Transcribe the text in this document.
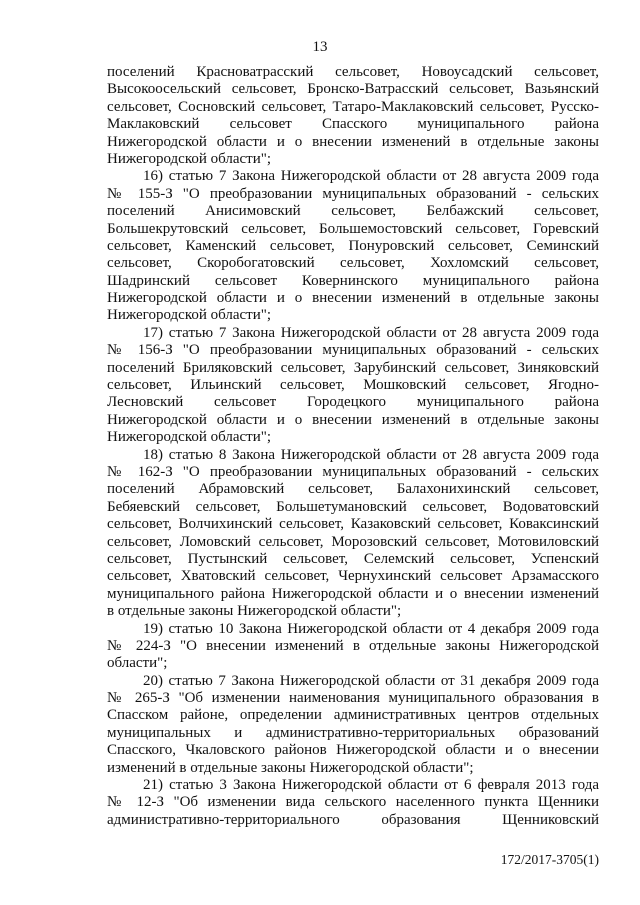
13
поселений Красноватрасский сельсовет, Новоусадский сельсовет,
Высокоосельский сельсовет, Бронско-Ватрасский сельсовет, Вазьянский
сельсовет, Сосновский сельсовет, Татаро-Маклаковский сельсовет, Русско-
Маклаковский сельсовет Спасского муниципального района
Нижегородской области и о внесении изменений в отдельные законы
Нижегородской области";
16) статью 7 Закона Нижегородской области от 28 августа 2009 года
№ 155-З "О преобразовании муниципальных образований - сельских
поселений Анисимовский сельсовет, Белбажский сельсовет,
Большекрутовский сельсовет, Большемостовский сельсовет, Горевский
сельсовет, Каменский сельсовет, Понуровский сельсовет, Семинский
сельсовет, Скоробогатовский сельсовет, Хохломский сельсовет,
Шадринский сельсовет Ковернинского муниципального района
Нижегородской области и о внесении изменений в отдельные законы
Нижегородской области";
17) статью 7 Закона Нижегородской области от 28 августа 2009 года
№ 156-З "О преобразовании муниципальных образований - сельских
поселений Бриляковский сельсовет, Зарубинский сельсовет, Зиняковский
сельсовет, Ильинский сельсовет, Мошковский сельсовет, Ягодно-
Лесновский сельсовет Городецкого муниципального района
Нижегородской области и о внесении изменений в отдельные законы
Нижегородской области";
18) статью 8 Закона Нижегородской области от 28 августа 2009 года
№ 162-З "О преобразовании муниципальных образований - сельских
поселений Абрамовский сельсовет, Балахонихинский сельсовет,
Бебяевский сельсовет, Большетумановский сельсовет, Водоватовский
сельсовет, Волчихинский сельсовет, Казаковский сельсовет, Коваксинский
сельсовет, Ломовский сельсовет, Морозовский сельсовет, Мотовиловский
сельсовет, Пустынский сельсовет, Селемский сельсовет, Успенский
сельсовет, Хватовский сельсовет, Чернухинский сельсовет Арзамасского
муниципального района Нижегородской области и о внесении изменений
в отдельные законы Нижегородской области";
19) статью 10 Закона Нижегородской области от 4 декабря 2009 года
№ 224-З "О внесении изменений в отдельные законы Нижегородской
области";
20) статью 7 Закона Нижегородской области от 31 декабря 2009 года
№ 265-З "Об изменении наименования муниципального образования в
Спасском районе, определении административных центров отдельных
муниципальных и административно-территориальных образований
Спасского, Чкаловского районов Нижегородской области и о внесении
изменений в отдельные законы Нижегородской области";
21) статью 3 Закона Нижегородской области от 6 февраля 2013 года
№ 12-З "Об изменении вида сельского населенного пункта Щенники
административно-территориального образования Щенниковский
172/2017-3705(1)
